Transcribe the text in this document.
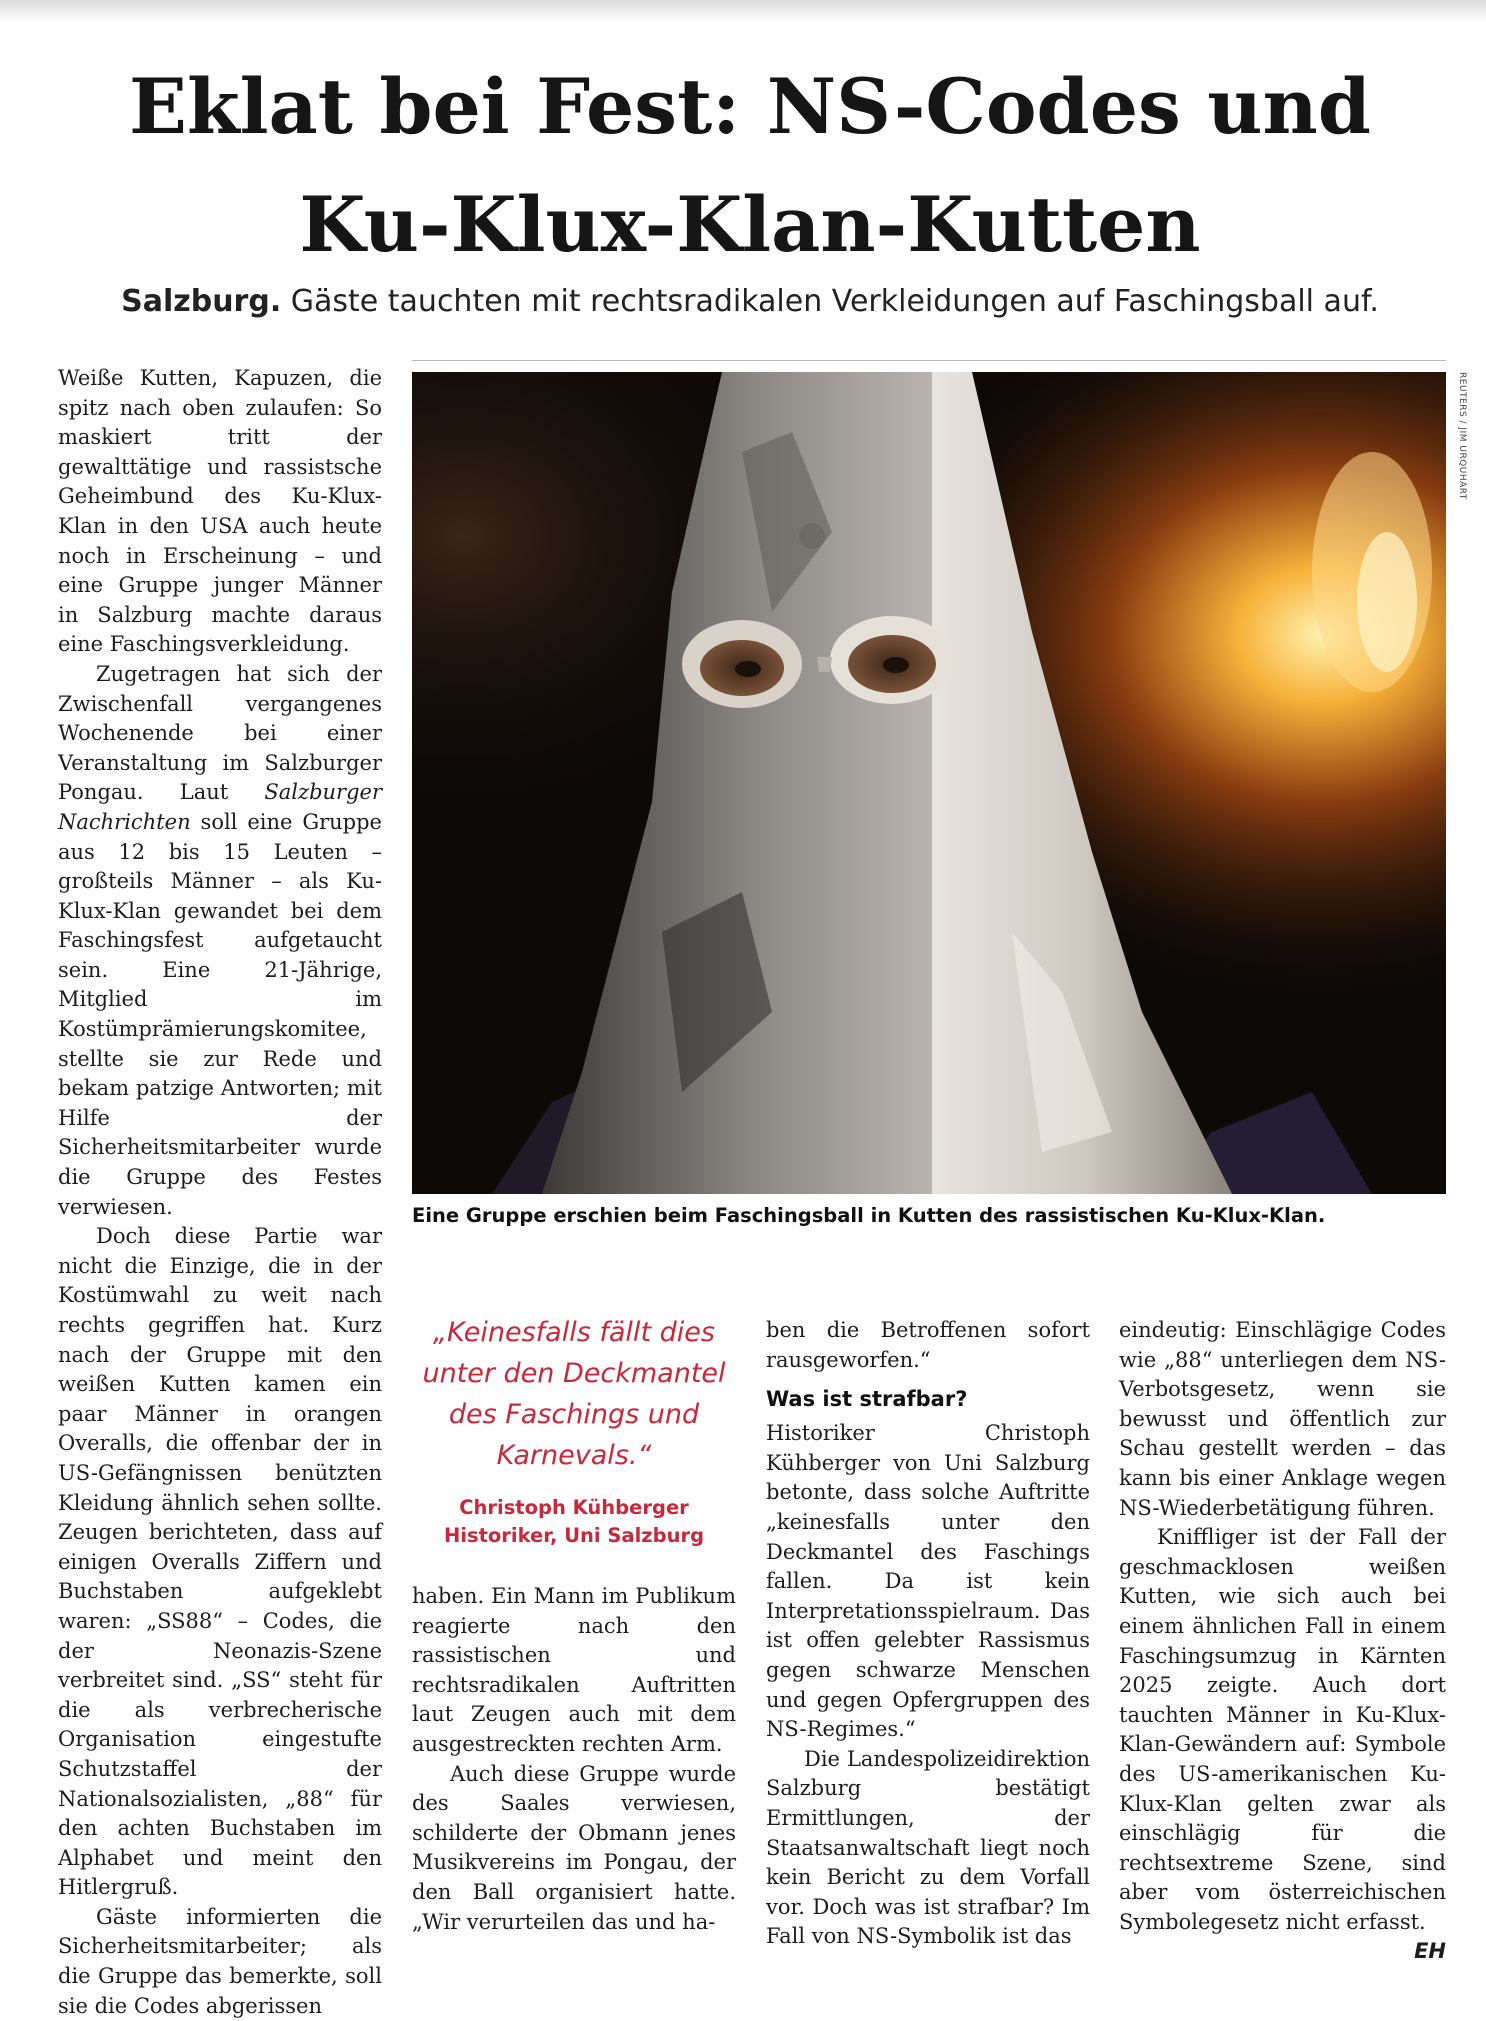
Eklat bei Fest: NS-Codes und
Ku-Klux-Klan-Kutten
Salzburg. Gäste tauchten mit rechtsradikalen Verkleidungen auf Faschingsball auf.
REUTERS / JIM URQUHART
Eine Gruppe erschien beim Faschingsball in Kutten des rassistischen Ku-Klux-Klan.

Weiße Kutten, Kapuzen, die spitz nach oben zulaufen: So maskiert tritt der gewalttätige und rassistsche Geheimbund des Ku-Klux-Klan in den USA auch heute noch in Erscheinung – und eine Gruppe junger Männer in Salzburg machte daraus eine Faschingsverkleidung.

Zugetragen hat sich der Zwischenfall vergangenes Wochenende bei einer Veranstaltung im Salzburger Pongau. Laut Salzburger Nachrichten soll eine Gruppe aus 12 bis 15 Leuten – großteils Männer – als Ku-Klux-Klan gewandet bei dem Faschingsfest aufgetaucht sein. Eine 21-Jährige, Mitglied im Kostümprämierungskomitee, stellte sie zur Rede und bekam patzige Antworten; mit Hilfe der Sicherheitsmitarbeiter wurde die Gruppe des Festes verwiesen.

Doch diese Partie war nicht die Einzige, die in der Kostümwahl zu weit nach rechts gegriffen hat. Kurz nach der Gruppe mit den weißen Kutten kamen ein paar Männer in orangen Overalls, die offenbar der in US-Gefängnissen benützten Kleidung ähnlich sehen sollte. Zeugen berichteten, dass auf einigen Overalls Ziffern und Buchstaben aufgeklebt waren: „SS88“ – Codes, die der Neonazis-Szene verbreitet sind. „SS“ steht für die als verbrecherische Organisation eingestufte Schutzstaffel der Nationalsozialisten, „88“ für den achten Buchstaben im Alphabet und meint den Hitlergruß.

Gäste informierten die Sicherheitsmitarbeiter; als die Gruppe das bemerkte, soll sie die Codes abgerissen

„Keinesfalls fällt dies unter den Deckmantel des Faschings und Karnevals.“
Christoph Kühberger
Historiker, Uni Salzburg

haben. Ein Mann im Publikum reagierte nach den rassistischen und rechtsradikalen Auftritten laut Zeugen auch mit dem ausgestreckten rechten Arm.

Auch diese Gruppe wurde des Saales verwiesen, schilderte der Obmann jenes Musikvereins im Pongau, der den Ball organisiert hatte. „Wir verurteilen das und ha-

ben die Betroffenen sofort rausgeworfen.“

Was ist strafbar?

Historiker Christoph Kühberger von Uni Salzburg betonte, dass solche Auftritte „keinesfalls unter den Deckmantel des Faschings fallen. Da ist kein Interpretationsspielraum. Das ist offen gelebter Rassismus gegen schwarze Menschen und gegen Opfergruppen des NS-Regimes.“

Die Landespolizeidirektion Salzburg bestätigt Ermittlungen, der Staatsanwaltschaft liegt noch kein Bericht zu dem Vorfall vor. Doch was ist strafbar? Im Fall von NS-Symbolik ist das

eindeutig: Einschlägige Codes wie „88“ unterliegen dem NS-Verbotsgesetz, wenn sie bewusst und öffentlich zur Schau gestellt werden – das kann bis einer Anklage wegen NS-Wiederbetätigung führen.

Kniffliger ist der Fall der geschmacklosen weißen Kutten, wie sich auch bei einem ähnlichen Fall in einem Faschingsumzug in Kärnten 2025 zeigte. Auch dort tauchten Männer in Ku-Klux-Klan-Gewändern auf: Symbole des US-amerikanischen Ku-Klux-Klan gelten zwar als einschlägig für die rechtsextreme Szene, sind aber vom österreichischen Symbolegesetz nicht erfasst.
EH
